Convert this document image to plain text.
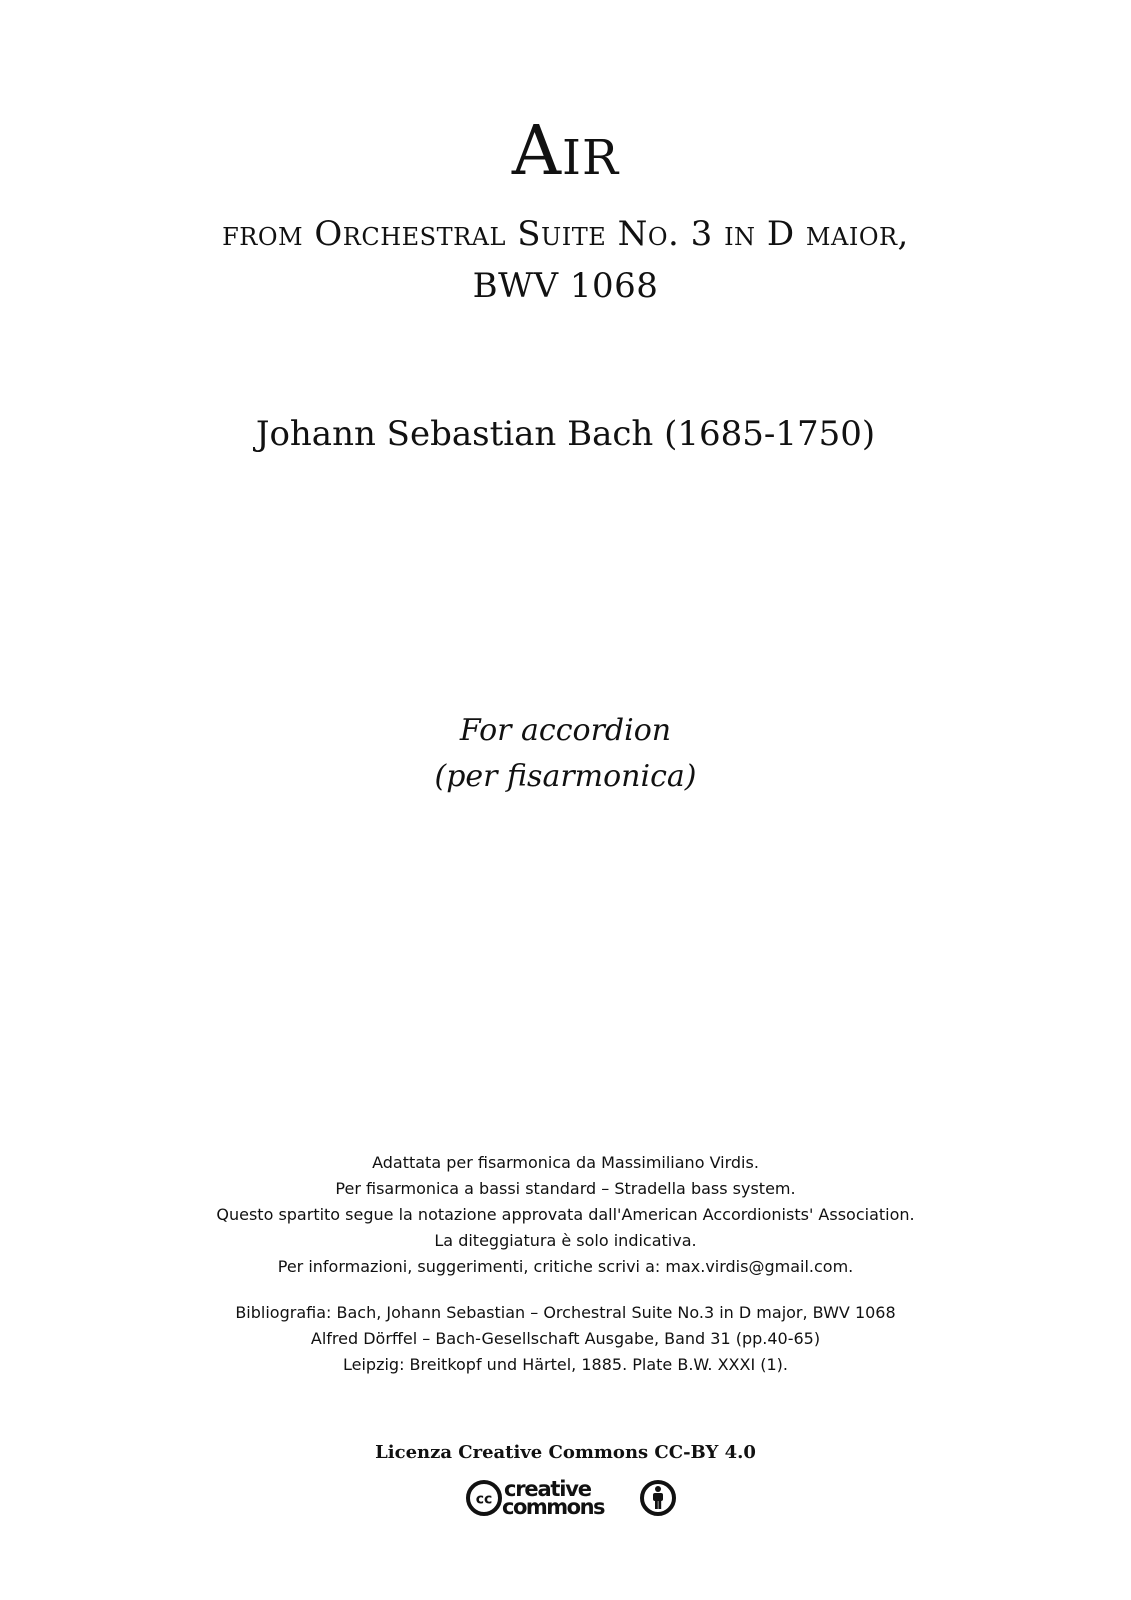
Air
from Orchestral Suite No. 3 in D maior,
BWV 1068
Johann Sebastian Bach (1685-1750)
For accordion
(per fisarmonica)
Adattata per fisarmonica da Massimiliano Virdis.
Per fisarmonica a bassi standard – Stradella bass system.
Questo spartito segue la notazione approvata dall'American Accordionists' Association.
La diteggiatura è solo indicativa.
Per informazioni, suggerimenti, critiche scrivi a: max.virdis@gmail.com.
Bibliografia: Bach, Johann Sebastian – Orchestral Suite No.3 in D major, BWV 1068
Alfred Dörffel – Bach-Gesellschaft Ausgabe, Band 31 (pp.40-65)
Leipzig: Breitkopf und Härtel, 1885. Plate B.W. XXXI (1).
Licenza Creative Commons CC-BY 4.0
cc creative
commons
